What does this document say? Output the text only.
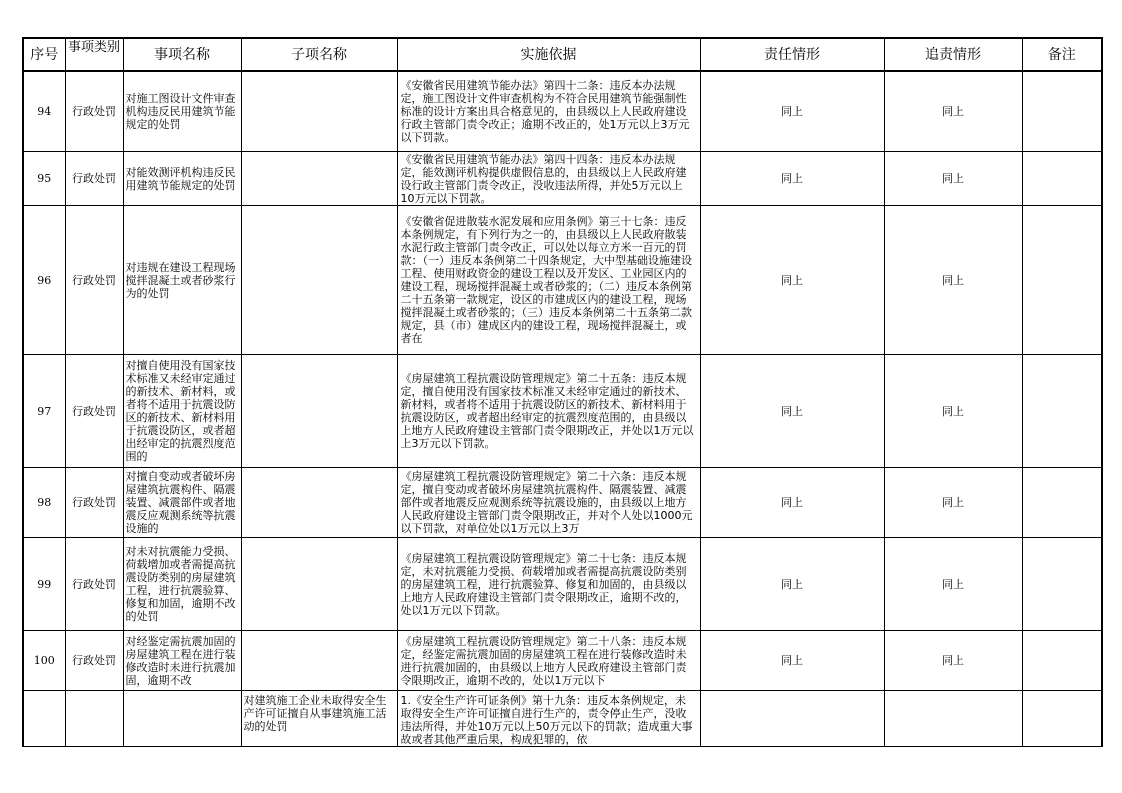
序号	事项类别	事项名称	子项名称	实施依据	责任情形	追责情形	备注
94	行政处罚	对施工图设计文件审查机构违反民用建筑节能规定的处罚		《安徽省民用建筑节能办法》第四十二条：违反本办法规定，施工图设计文件审查机构为不符合民用建筑节能强制性标准的设计方案出具合格意见的，由县级以上人民政府建设行政主管部门责令改正；逾期不改正的，处1万元以上3万元以下罚款。	同上	同上	
95	行政处罚	对能效测评机构违反民用建筑节能规定的处罚		《安徽省民用建筑节能办法》第四十四条：违反本办法规定，能效测评机构提供虚假信息的，由县级以上人民政府建设行政主管部门责令改正，没收违法所得，并处5万元以上10万元以下罚款。	同上	同上	
96	行政处罚	对违规在建设工程现场搅拌混凝土或者砂浆行为的处罚		《安徽省促进散装水泥发展和应用条例》第三十七条：违反本条例规定，有下列行为之一的，由县级以上人民政府散装水泥行政主管部门责令改正，可以处以每立方米一百元的罚款：（一）违反本条例第二十四条规定，大中型基础设施建设工程、使用财政资金的建设工程以及开发区、工业园区内的建设工程，现场搅拌混凝土或者砂浆的；（二）违反本条例第二十五条第一款规定，设区的市建成区内的建设工程，现场搅拌混凝土或者砂浆的；（三）违反本条例第二十五条第二款规定，县（市）建成区内的建设工程，现场搅拌混凝土，或者在	同上	同上	
97	行政处罚	对擅自使用没有国家技术标准又未经审定通过的新技术、新材料，或者将不适用于抗震设防区的新技术、新材料用于抗震设防区，或者超出经审定的抗震烈度范围的		《房屋建筑工程抗震设防管理规定》第二十五条：违反本规定，擅自使用没有国家技术标准又未经审定通过的新技术、新材料，或者将不适用于抗震设防区的新技术、新材料用于抗震设防区，或者超出经审定的抗震烈度范围的，由县级以上地方人民政府建设主管部门责令限期改正，并处以1万元以上3万元以下罚款。	同上	同上	
98	行政处罚	对擅自变动或者破坏房屋建筑抗震构件、隔震装置、减震部件或者地震反应观测系统等抗震设施的		《房屋建筑工程抗震设防管理规定》第二十六条：违反本规定，擅自变动或者破坏房屋建筑抗震构件、隔震装置、减震部件或者地震反应观测系统等抗震设施的，由县级以上地方人民政府建设主管部门责令限期改正，并对个人处以1000元以下罚款，对单位处以1万元以上3万	同上	同上	
99	行政处罚	对未对抗震能力受损、荷载增加或者需提高抗震设防类别的房屋建筑工程，进行抗震验算、修复和加固，逾期不改的处罚		《房屋建筑工程抗震设防管理规定》第二十七条：违反本规定，未对抗震能力受损、荷载增加或者需提高抗震设防类别的房屋建筑工程，进行抗震验算、修复和加固的，由县级以上地方人民政府建设主管部门责令限期改正，逾期不改的，处以1万元以下罚款。	同上	同上	
100	行政处罚	对经鉴定需抗震加固的房屋建筑工程在进行装修改造时未进行抗震加固，逾期不改		《房屋建筑工程抗震设防管理规定》第二十八条：违反本规定，经鉴定需抗震加固的房屋建筑工程在进行装修改造时未进行抗震加固的，由县级以上地方人民政府建设主管部门责令限期改正，逾期不改的，处以1万元以下	同上	同上	

			对建筑施工企业未取得安全生产许可证擅自从事建筑施工活动的处罚	1.《安全生产许可证条例》第十九条：违反本条例规定，未取得安全生产许可证擅自进行生产的，责令停止生产，没收违法所得，并处10万元以上50万元以下的罚款；造成重大事故或者其他严重后果，构成犯罪的，依			
